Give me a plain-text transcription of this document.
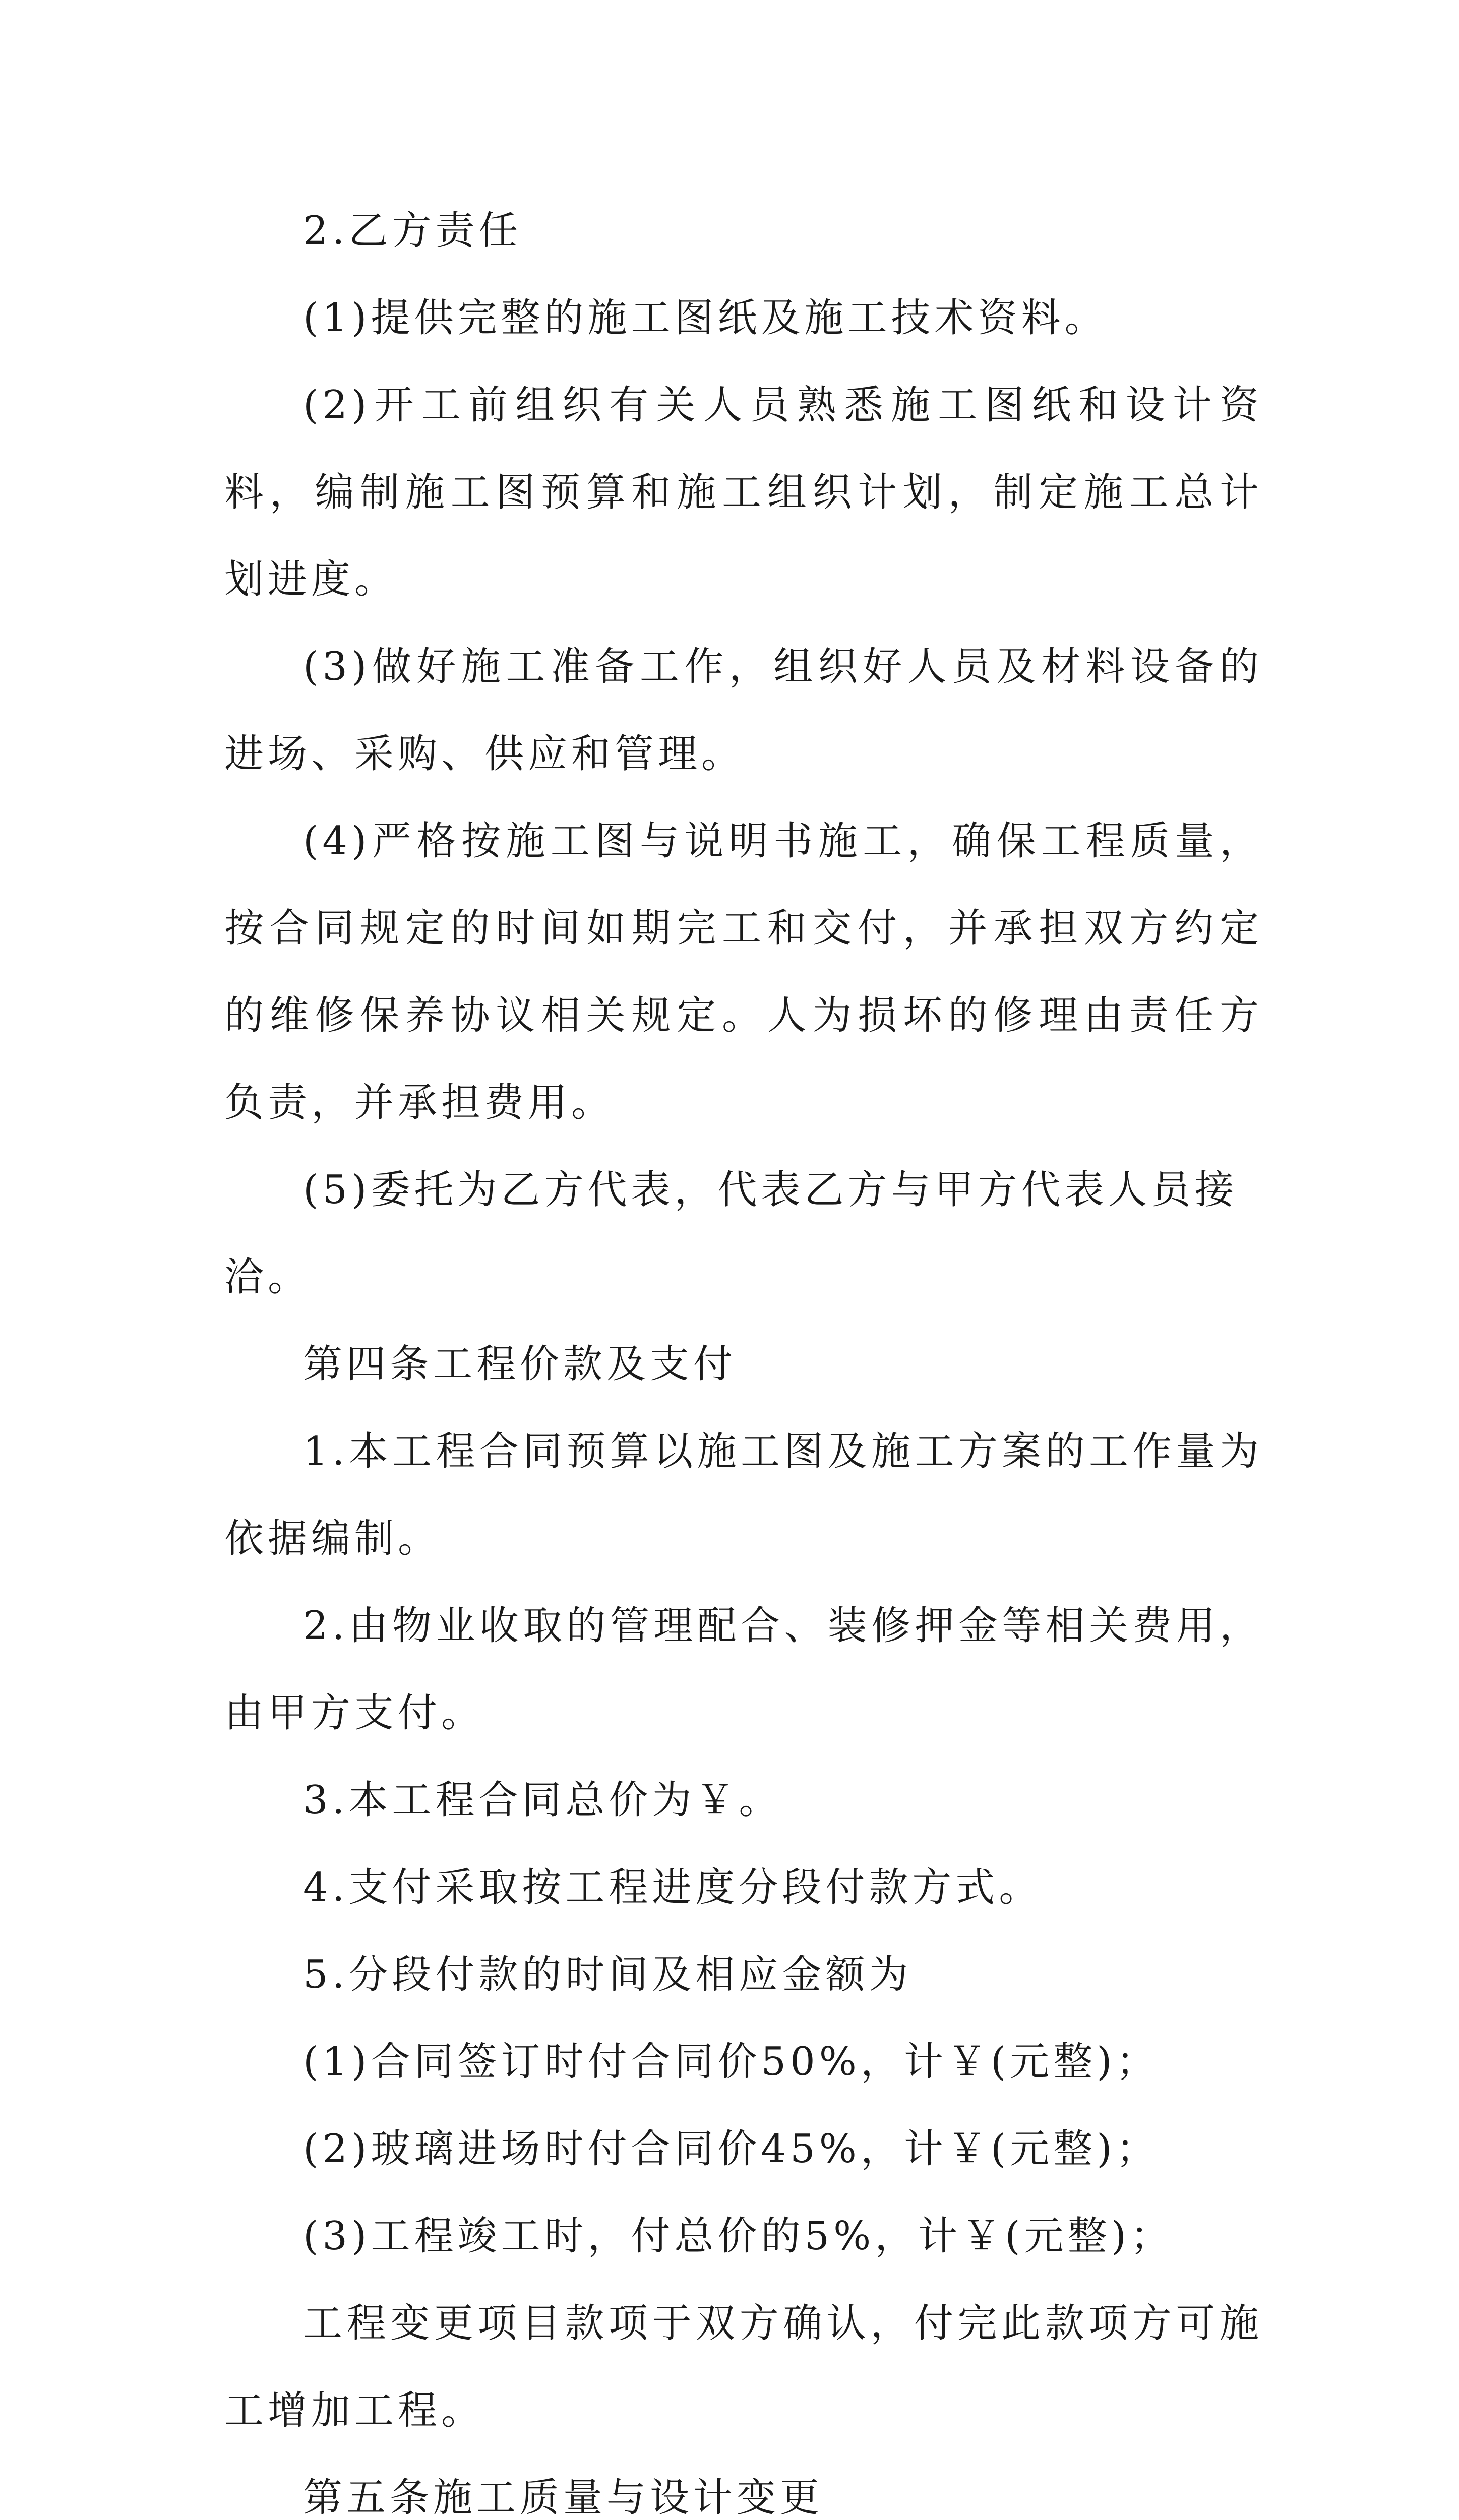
2.乙方责任

(1)提供完整的施工图纸及施工技术资料。

(2)开工前组织有关人员熟悉施工图纸和设计资料，编制施工图预算和施工组织计划，制定施工总计划进度。

(3)做好施工准备工作，组织好人员及材料设备的进场、采购、供应和管理。

(4)严格按施工图与说明书施工，确保工程质量，按合同规定的时间如期完工和交付，并承担双方约定的维修保养协议相关规定。人为损坏的修理由责任方负责，并承担费用。

(5)委托为乙方代表，代表乙方与甲方代表人员接洽。

第四条工程价款及支付

1.本工程合同预算以施工图及施工方案的工作量为依据编制。

2.由物业收取的管理配合、装修押金等相关费用，由甲方支付。

3.本工程合同总价为￥。

4.支付采取按工程进度分段付款方式。

5.分段付款的时间及相应金额为

(1)合同签订时付合同价50%，计￥(元整)；

(2)玻璃进场时付合同价45%，计￥(元整)；

(3)工程竣工时，付总价的5%，计￥(元整)；

工程变更项目款项于双方确认，付完此款项方可施工增加工程。

第五条施工质量与设计变更
